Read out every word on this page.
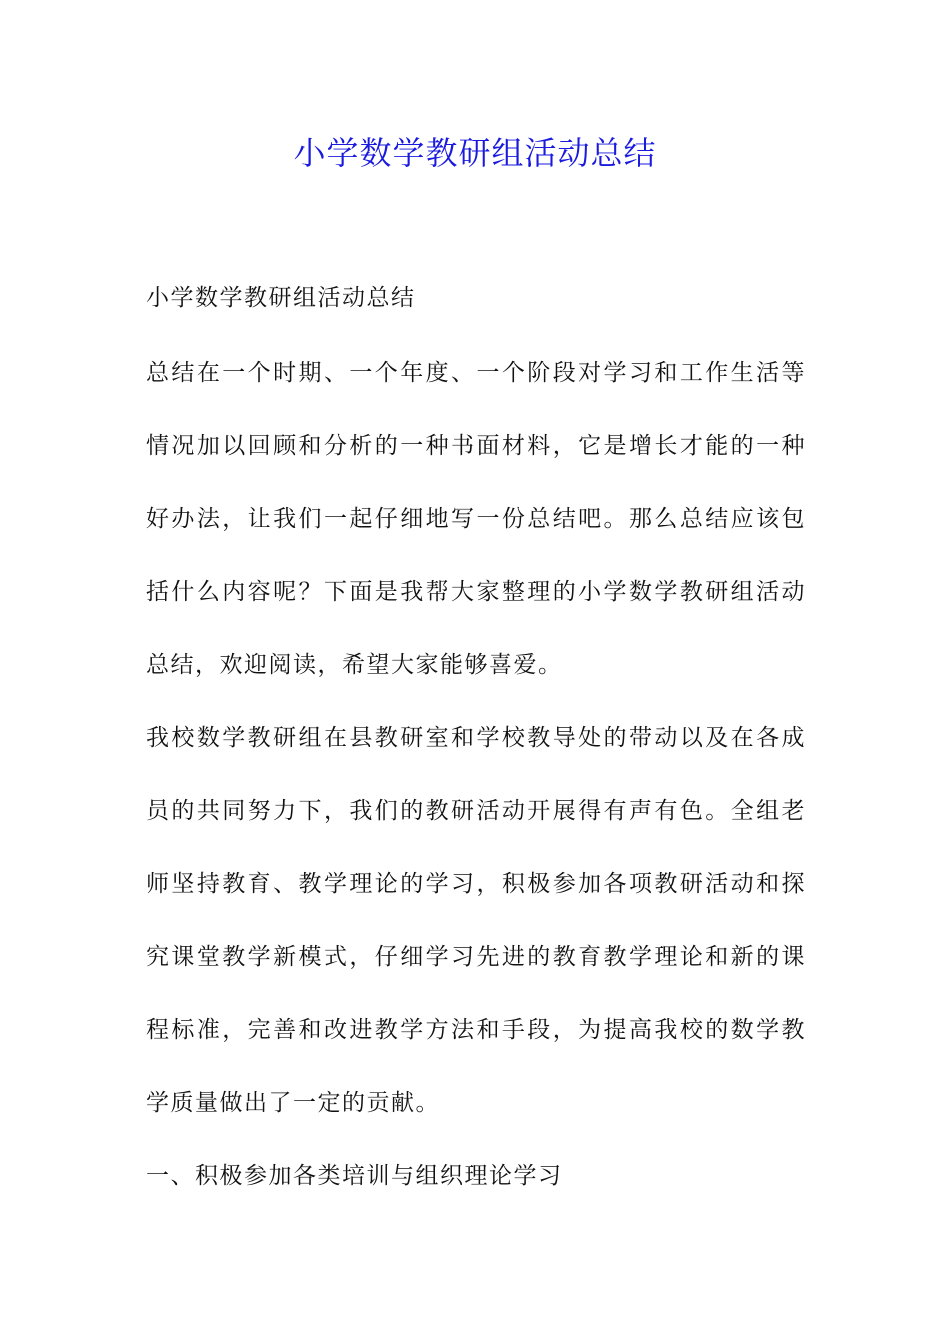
小学数学教研组活动总结

小学数学教研组活动总结

总结在一个时期、一个年度、一个阶段对学习和工作生活等情况加以回顾和分析的一种书面材料，它是增长才能的一种好办法，让我们一起仔细地写一份总结吧。那么总结应该包括什么内容呢？下面是我帮大家整理的小学数学教研组活动总结，欢迎阅读，希望大家能够喜爱。

我校数学教研组在县教研室和学校教导处的带动以及在各成员的共同努力下，我们的教研活动开展得有声有色。全组老师坚持教育、教学理论的学习，积极参加各项教研活动和探究课堂教学新模式，仔细学习先进的教育教学理论和新的课程标准，完善和改进教学方法和手段，为提高我校的数学教学质量做出了一定的贡献。

一、积极参加各类培训与组织理论学习
